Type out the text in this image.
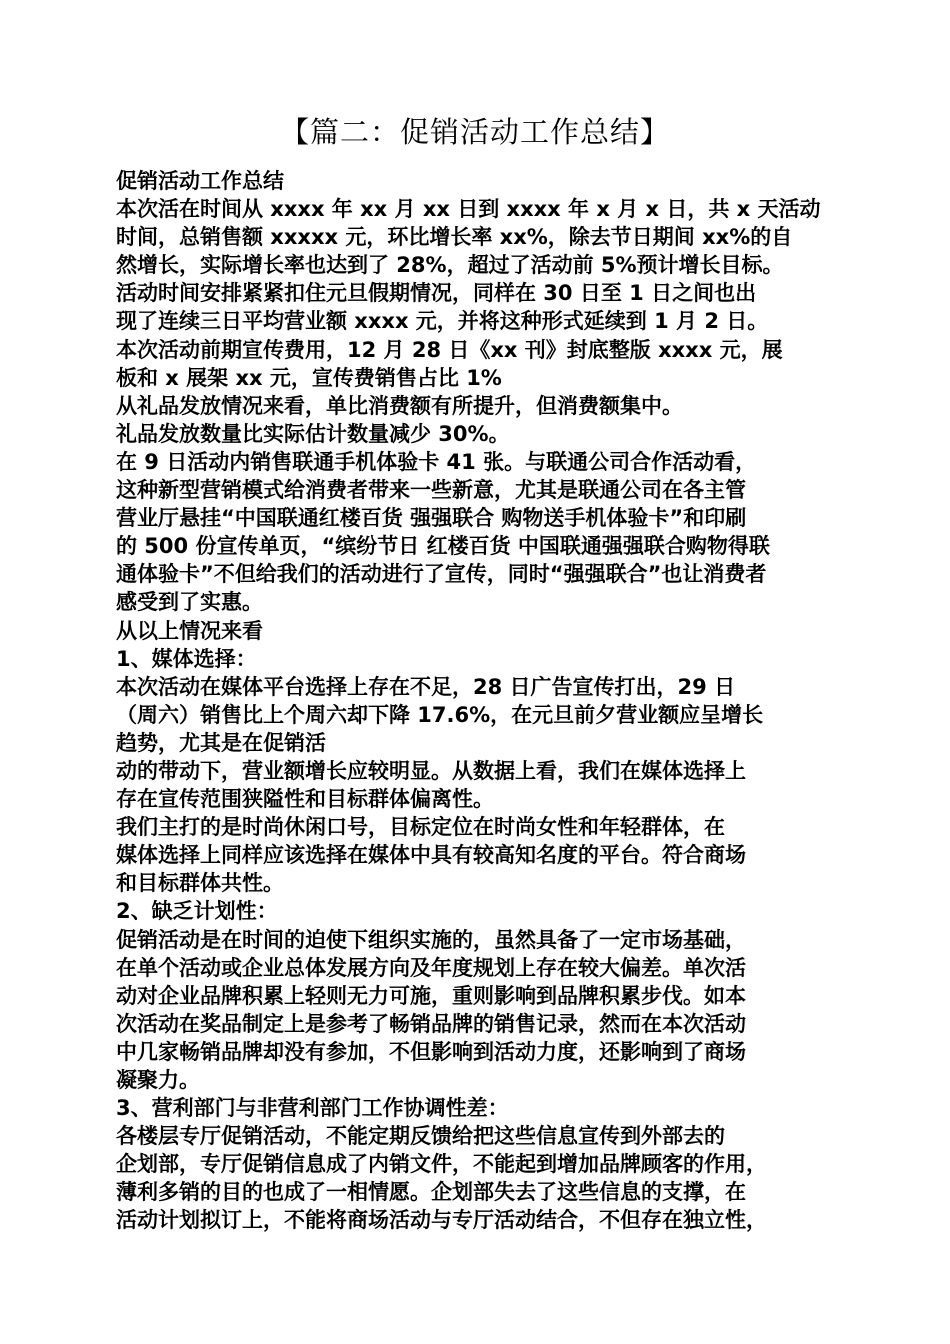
【篇二：促销活动工作总结】
促销活动工作总结
本次活在时间从 xxxx 年 xx 月 xx 日到 xxxx 年 x 月 x 日，共 x 天活动
时间，总销售额 xxxxx 元，环比增长率 xx%，除去节日期间 xx%的自
然增长，实际增长率也达到了 28%，超过了活动前 5%预计增长目标。
活动时间安排紧紧扣住元旦假期情况，同样在 30 日至 1 日之间也出
现了连续三日平均营业额 xxxx 元，并将这种形式延续到 1 月 2 日。
本次活动前期宣传费用，12 月 28 日《xx 刊》封底整版 xxxx 元，展
板和 x 展架 xx 元，宣传费销售占比 1%
从礼品发放情况来看，单比消费额有所提升，但消费额集中。
礼品发放数量比实际估计数量减少 30%。
在 9 日活动内销售联通手机体验卡 41 张。与联通公司合作活动看，
这种新型营销模式给消费者带来一些新意，尤其是联通公司在各主管
营业厅悬挂“中国联通红楼百货 强强联合 购物送手机体验卡”和印刷
的 500 份宣传单页，“缤纷节日 红楼百货 中国联通强强联合购物得联
通体验卡”不但给我们的活动进行了宣传，同时“强强联合”也让消费者
感受到了实惠。
从以上情况来看
1、媒体选择：
本次活动在媒体平台选择上存在不足，28 日广告宣传打出，29 日
（周六）销售比上个周六却下降 17.6%，在元旦前夕营业额应呈增长
趋势，尤其是在促销活
动的带动下，营业额增长应较明显。从数据上看，我们在媒体选择上
存在宣传范围狭隘性和目标群体偏离性。
我们主打的是时尚休闲口号，目标定位在时尚女性和年轻群体，在
媒体选择上同样应该选择在媒体中具有较高知名度的平台。符合商场
和目标群体共性。
2、缺乏计划性：
促销活动是在时间的迫使下组织实施的，虽然具备了一定市场基础，
在单个活动或企业总体发展方向及年度规划上存在较大偏差。单次活
动对企业品牌积累上轻则无力可施，重则影响到品牌积累步伐。如本
次活动在奖品制定上是参考了畅销品牌的销售记录，然而在本次活动
中几家畅销品牌却没有参加，不但影响到活动力度，还影响到了商场
凝聚力。
3、营利部门与非营利部门工作协调性差：
各楼层专厅促销活动，不能定期反馈给把这些信息宣传到外部去的
企划部，专厅促销信息成了内销文件，不能起到增加品牌顾客的作用，
薄利多销的目的也成了一相情愿。企划部失去了这些信息的支撑，在
活动计划拟订上，不能将商场活动与专厅活动结合，不但存在独立性，
